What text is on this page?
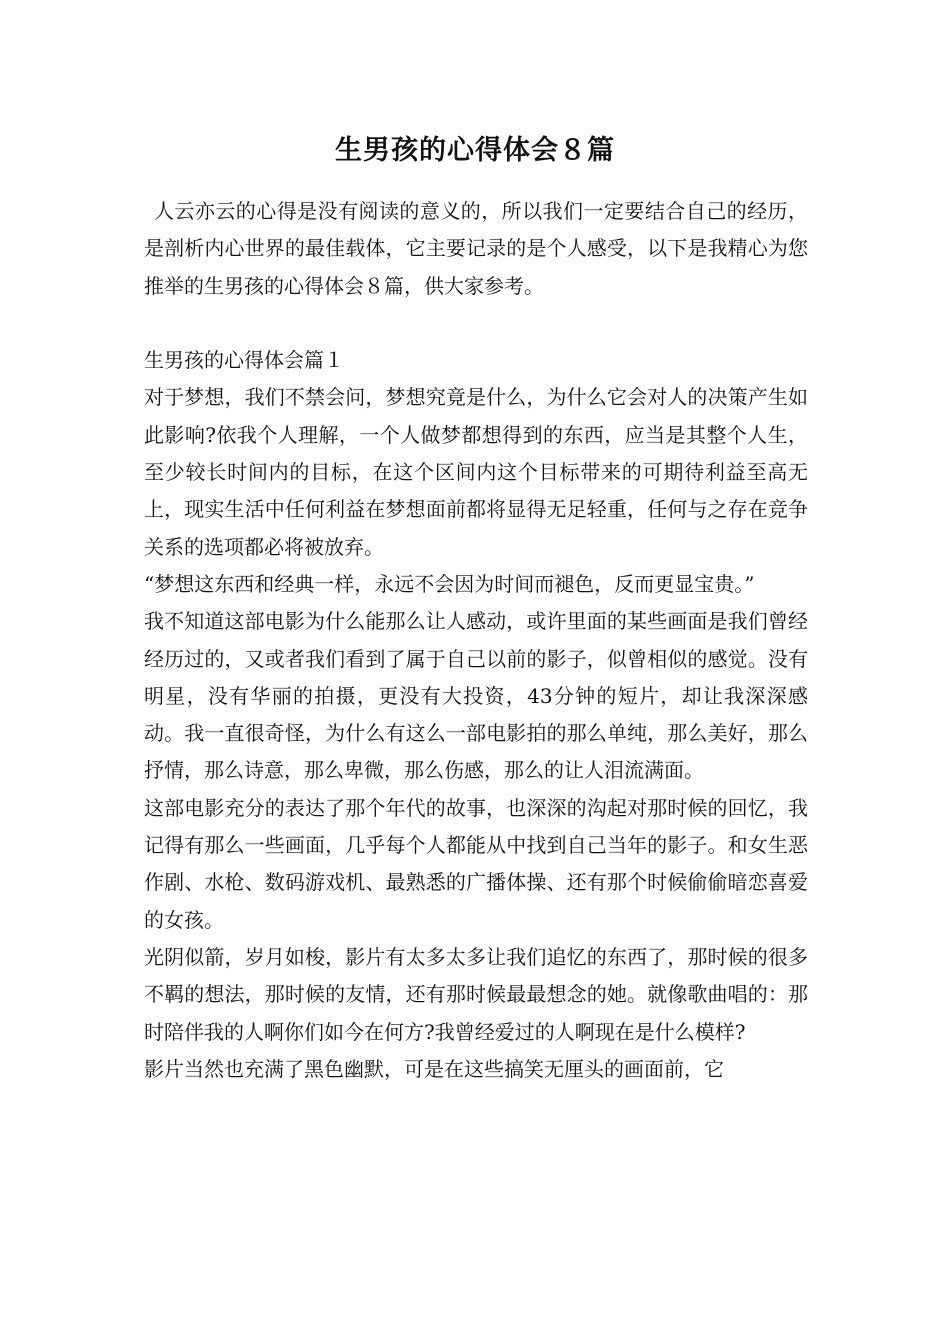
生男孩的心得体会８篇

人云亦云的心得是没有阅读的意义的，所以我们一定要结合自己的经历，是剖析内心世界的最佳载体，它主要记录的是个人感受，以下是我精心为您推举的生男孩的心得体会８篇，供大家参考。

生男孩的心得体会篇１

对于梦想，我们不禁会问，梦想究竟是什么，为什么它会对人的决策产生如此影响?依我个人理解，一个人做梦都想得到的东西，应当是其整个人生，至少较长时间内的目标，在这个区间内这个目标带来的可期待利益至高无上，现实生活中任何利益在梦想面前都将显得无足轻重，任何与之存在竞争关系的选项都必将被放弃。

“梦想这东西和经典一样，永远不会因为时间而褪色，反而更显宝贵。”

我不知道这部电影为什么能那么让人感动，或许里面的某些画面是我们曾经经历过的，又或者我们看到了属于自己以前的影子，似曾相似的感觉。没有明星，没有华丽的拍摄，更没有大投资，43分钟的短片，却让我深深感动。我一直很奇怪，为什么有这么一部电影拍的那么单纯，那么美好，那么抒情，那么诗意，那么卑微，那么伤感，那么的让人泪流满面。

这部电影充分的表达了那个年代的故事，也深深的沟起对那时候的回忆，我记得有那么一些画面，几乎每个人都能从中找到自己当年的影子。和女生恶作剧、水枪、数码游戏机、最熟悉的广播体操、还有那个时候偷偷暗恋喜爱的女孩。

光阴似箭，岁月如梭，影片有太多太多让我们追忆的东西了，那时候的很多不羁的想法，那时候的友情，还有那时候最最想念的她。就像歌曲唱的：那时陪伴我的人啊你们如今在何方?我曾经爱过的人啊现在是什么模样?

影片当然也充满了黑色幽默，可是在这些搞笑无厘头的画面前，它
